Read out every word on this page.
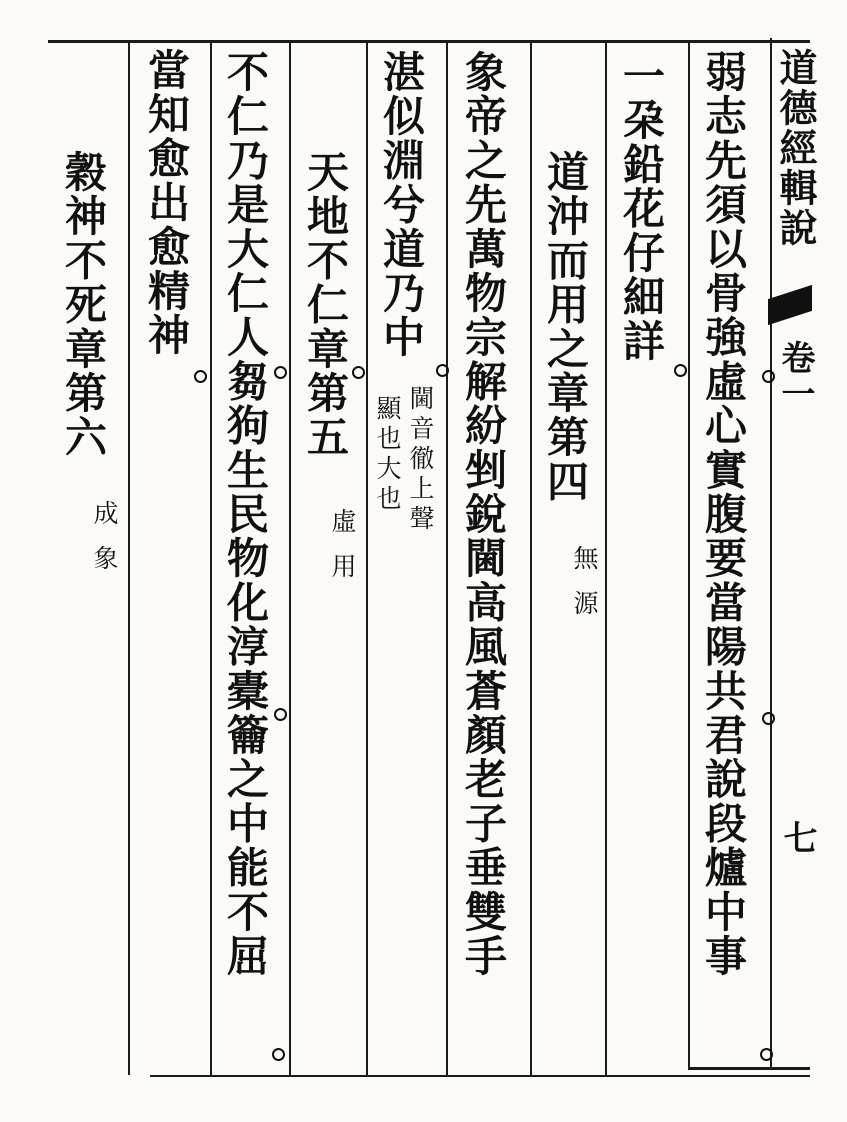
道德經輯說
卷一
七
弱志先須以骨強虛心實腹要當陽共君說段爐中事
一朶鉛花仔細詳
道沖而用之章第四
無
源
象帝之先萬物宗解紛剉銳閫高風蒼顏老子垂雙手
湛似淵兮道乃中
閫音徹上聲
顯也大也
天地不仁章第五
虛
用
不仁乃是大仁人芻狗生民物化淳橐籥之中能不屈
當知愈出愈精神
穀神不死章第六
成
象
